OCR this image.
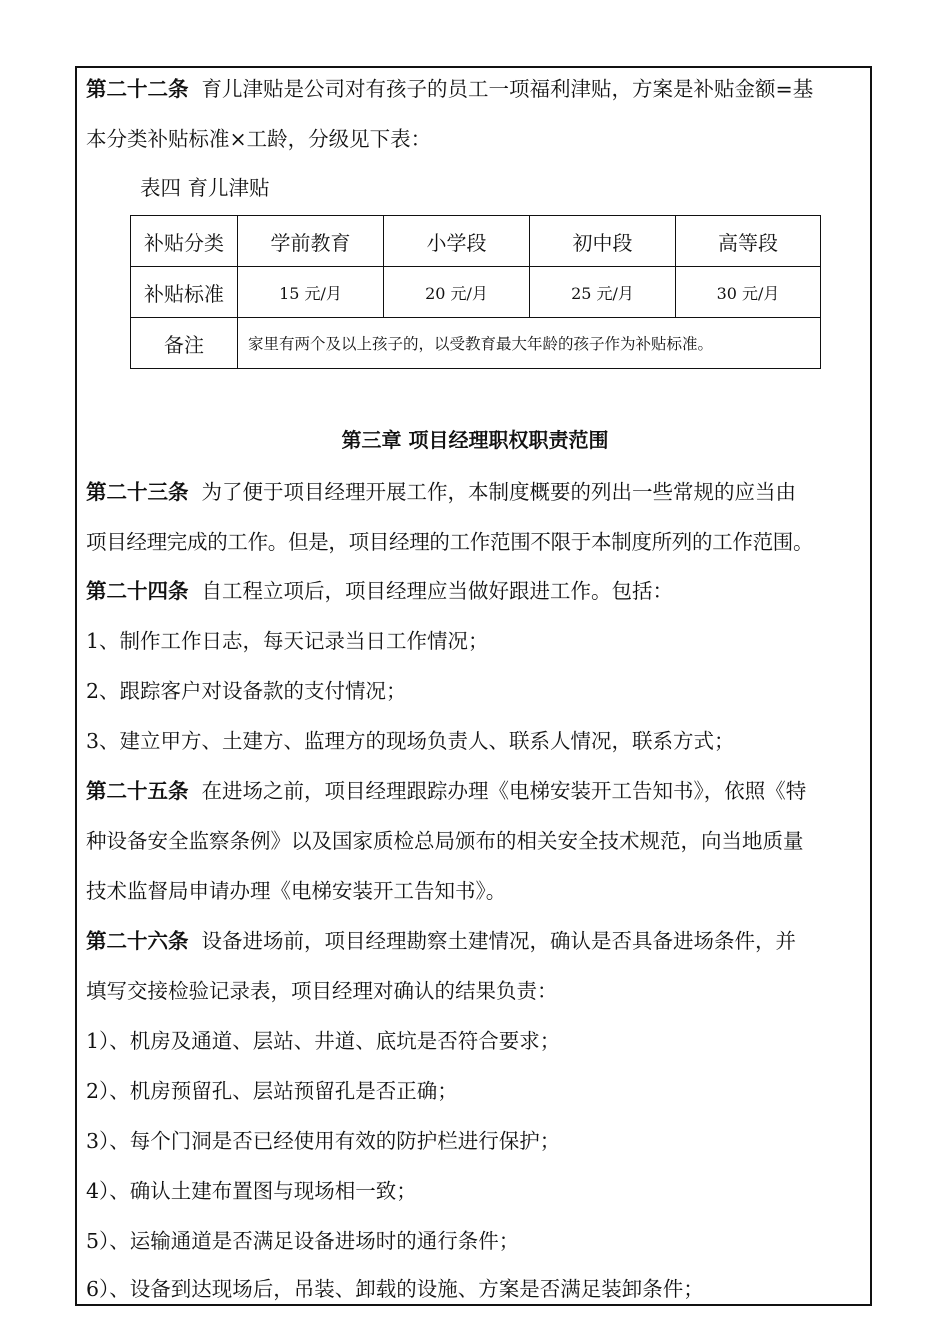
第二十二条 育儿津贴是公司对有孩子的员工一项福利津贴，方案是补贴金额=基
本分类补贴标准×工龄，分级见下表：
表四 育儿津贴
补贴分类	学前教育	小学段	初中段	高等段
补贴标准	15 元/月	20 元/月	25 元/月	30 元/月
备注	家里有两个及以上孩子的，以受教育最大年龄的孩子作为补贴标准。			
第三章 项目经理职权职责范围
第二十三条 为了便于项目经理开展工作，本制度概要的列出一些常规的应当由
项目经理完成的工作。但是，项目经理的工作范围不限于本制度所列的工作范围。
第二十四条 自工程立项后，项目经理应当做好跟进工作。包括：
1、制作工作日志，每天记录当日工作情况；
2、跟踪客户对设备款的支付情况；
3、建立甲方、土建方、监理方的现场负责人、联系人情况，联系方式；
第二十五条 在进场之前，项目经理跟踪办理《电梯安装开工告知书》，依照《特
种设备安全监察条例》以及国家质检总局颁布的相关安全技术规范，向当地质量
技术监督局申请办理《电梯安装开工告知书》。
第二十六条 设备进场前，项目经理勘察土建情况，确认是否具备进场条件，并
填写交接检验记录表，项目经理对确认的结果负责：
1）、机房及通道、层站、井道、底坑是否符合要求；
2）、机房预留孔、层站预留孔是否正确；
3）、每个门洞是否已经使用有效的防护栏进行保护；
4）、确认土建布置图与现场相一致；
5）、运输通道是否满足设备进场时的通行条件；
6）、设备到达现场后，吊装、卸载的设施、方案是否满足装卸条件；
